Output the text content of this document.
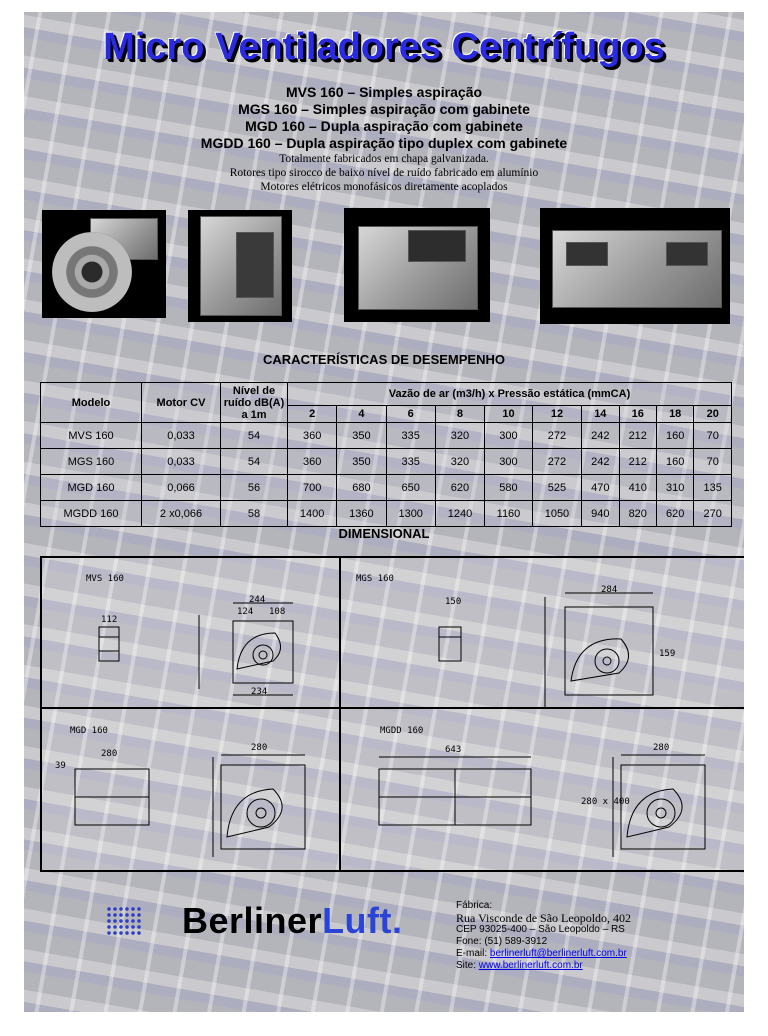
Micro Ventiladores Centrífugos
MVS 160 – Simples aspiração
MGS 160 – Simples aspiração com gabinete
MGD 160 – Dupla aspiração com gabinete
MGDD 160 – Dupla aspiração tipo duplex com gabinete
Totalmente fabricados em chapa galvanizada.
Rotores tipo sirocco de baixo nível de ruído fabricado em alumínio
Motores elétricos monofásicos diretamente acoplados
CARACTERÍSTICAS DE DESEMPENHO
Modelo	Motor CV	Nível de ruído dB(A) a 1m	Vazão de ar (m3/h) x Pressão estática (mmCA)									
			2	4	6	8	10	12	14	16	18	20
MVS 160	0,033	54	360	350	335	320	300	272	242	212	160	70
MGS 160	0,033	54	360	350	335	320	300	272	242	212	160	70
MGD 160	0,066	56	700	680	650	620	580	525	470	410	310	135
MGDD 160	2 x0,066	58	1400	1360	1300	1240	1160	1050	940	820	620	270
DIMENSIONAL
MVS 160	MGS 160
MGD 160	MGDD 160
244
124 108
112
234
150
284
159
280
39
280	643	280
280 x 400
BerlinerLuft.	Fábrica:
Rua Visconde de São Leopoldo, 402
CEP 93025-400 – São Leopoldo – RS
Fone: (51) 589-3912
E-mail: berlinerluft@berlinerluft.com.br
Site: www.berlinerluft.com.br
